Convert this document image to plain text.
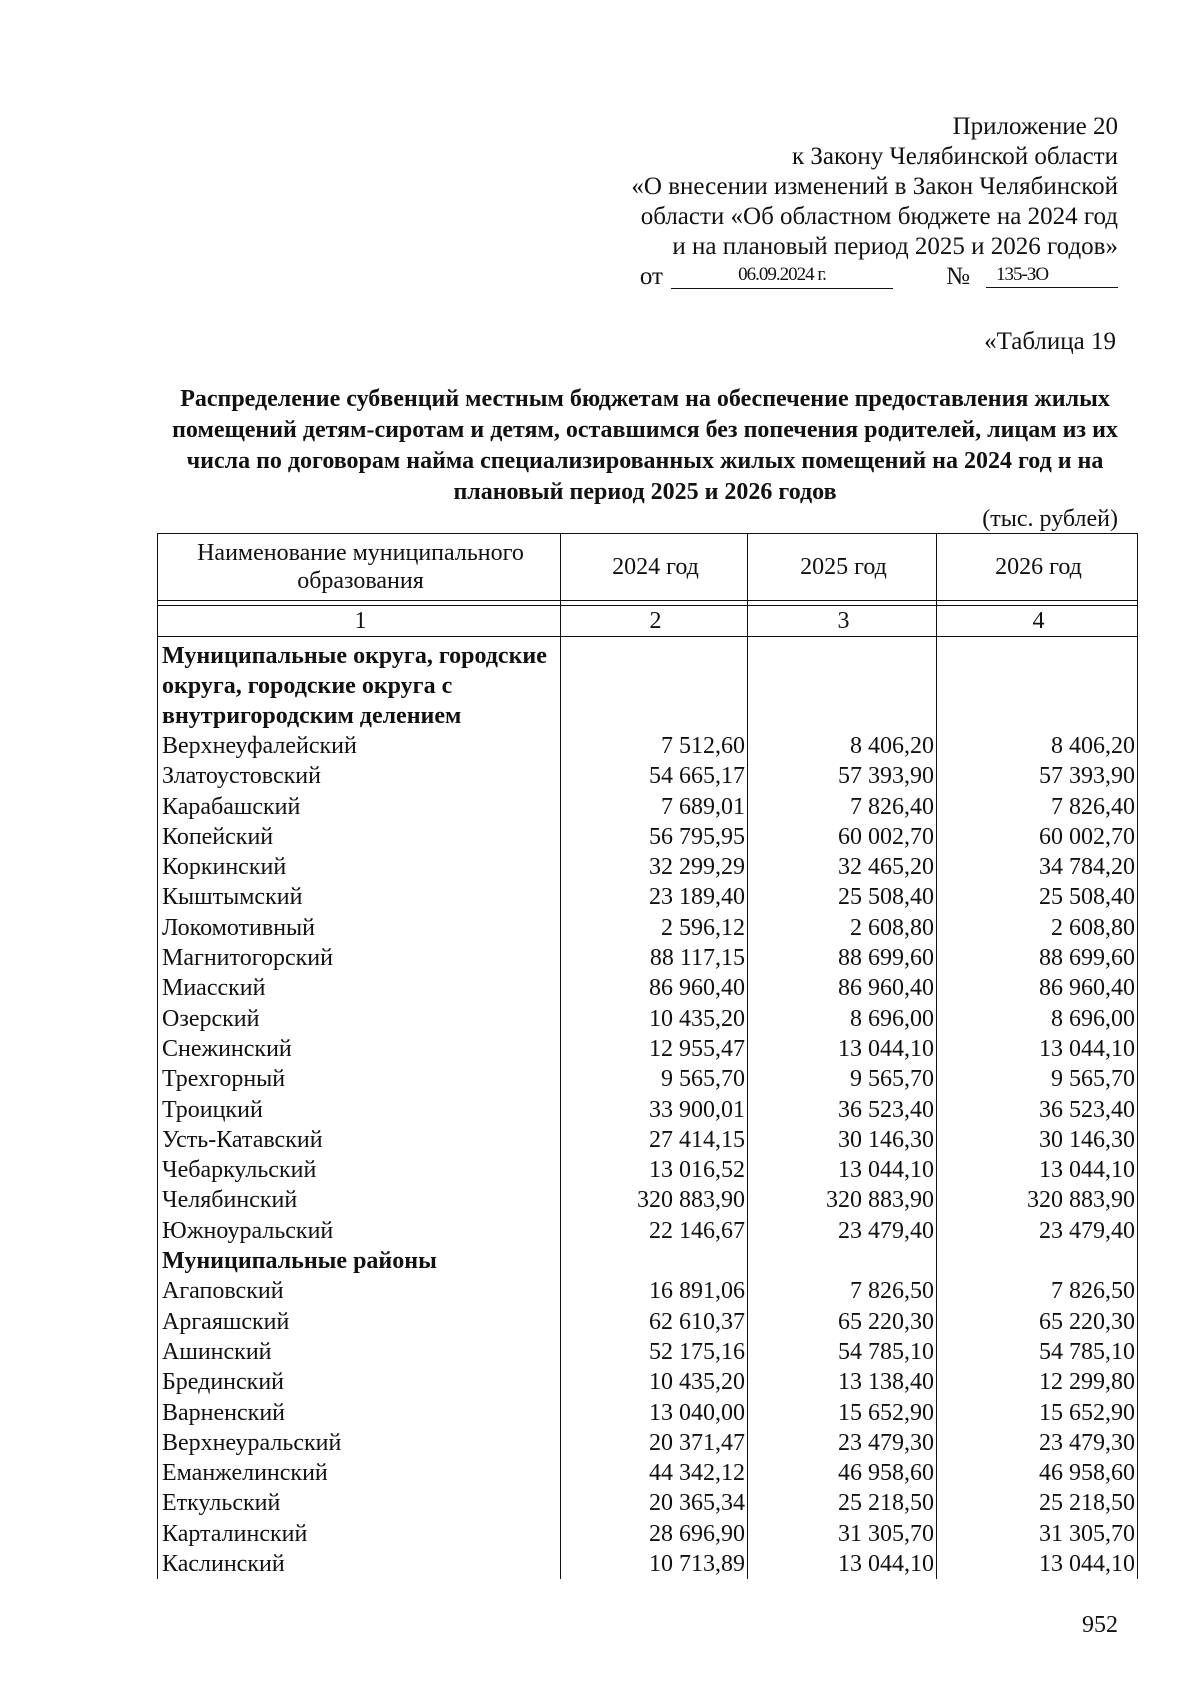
Приложение 20
к Закону Челябинской области
«О внесении изменений в Закон Челябинской
области «Об областном бюджете на 2024 год
и на плановый период 2025 и 2026 годов»
от	06.09.2024 г.	№	135-ЗО
«Таблица 19
Распределение субвенций местным бюджетам на обеспечение предоставления жилых помещений детям-сиротам и детям, оставшимся без попечения родителей, лицам из их числа по договорам найма специализированных жилых помещений на 2024 год и на плановый период 2025 и 2026 годов
(тыс. рублей)
Наименование муниципального образования	2024 год	2025 год	2026 год

1	2	3	4
Муниципальные округа, городские округа, городские округа с внутригородским делением			
Верхнеуфалейский	7 512,60	8 406,20	8 406,20
Златоустовский	54 665,17	57 393,90	57 393,90
Карабашский	7 689,01	7 826,40	7 826,40
Копейский	56 795,95	60 002,70	60 002,70
Коркинский	32 299,29	32 465,20	34 784,20
Кыштымский	23 189,40	25 508,40	25 508,40
Локомотивный	2 596,12	2 608,80	2 608,80
Магнитогорский	88 117,15	88 699,60	88 699,60
Миасский	86 960,40	86 960,40	86 960,40
Озерский	10 435,20	8 696,00	8 696,00
Снежинский	12 955,47	13 044,10	13 044,10
Трехгорный	9 565,70	9 565,70	9 565,70
Троицкий	33 900,01	36 523,40	36 523,40
Усть-Катавский	27 414,15	30 146,30	30 146,30
Чебаркульский	13 016,52	13 044,10	13 044,10
Челябинский	320 883,90	320 883,90	320 883,90
Южноуральский	22 146,67	23 479,40	23 479,40
Муниципальные районы			
Агаповский	16 891,06	7 826,50	7 826,50
Аргаяшский	62 610,37	65 220,30	65 220,30
Ашинский	52 175,16	54 785,10	54 785,10
Брединский	10 435,20	13 138,40	12 299,80
Варненский	13 040,00	15 652,90	15 652,90
Верхнеуральский	20 371,47	23 479,30	23 479,30
Еманжелинский	44 342,12	46 958,60	46 958,60
Еткульский	20 365,34	25 218,50	25 218,50
Карталинский	28 696,90	31 305,70	31 305,70
Каслинский	10 713,89	13 044,10	13 044,10
952
